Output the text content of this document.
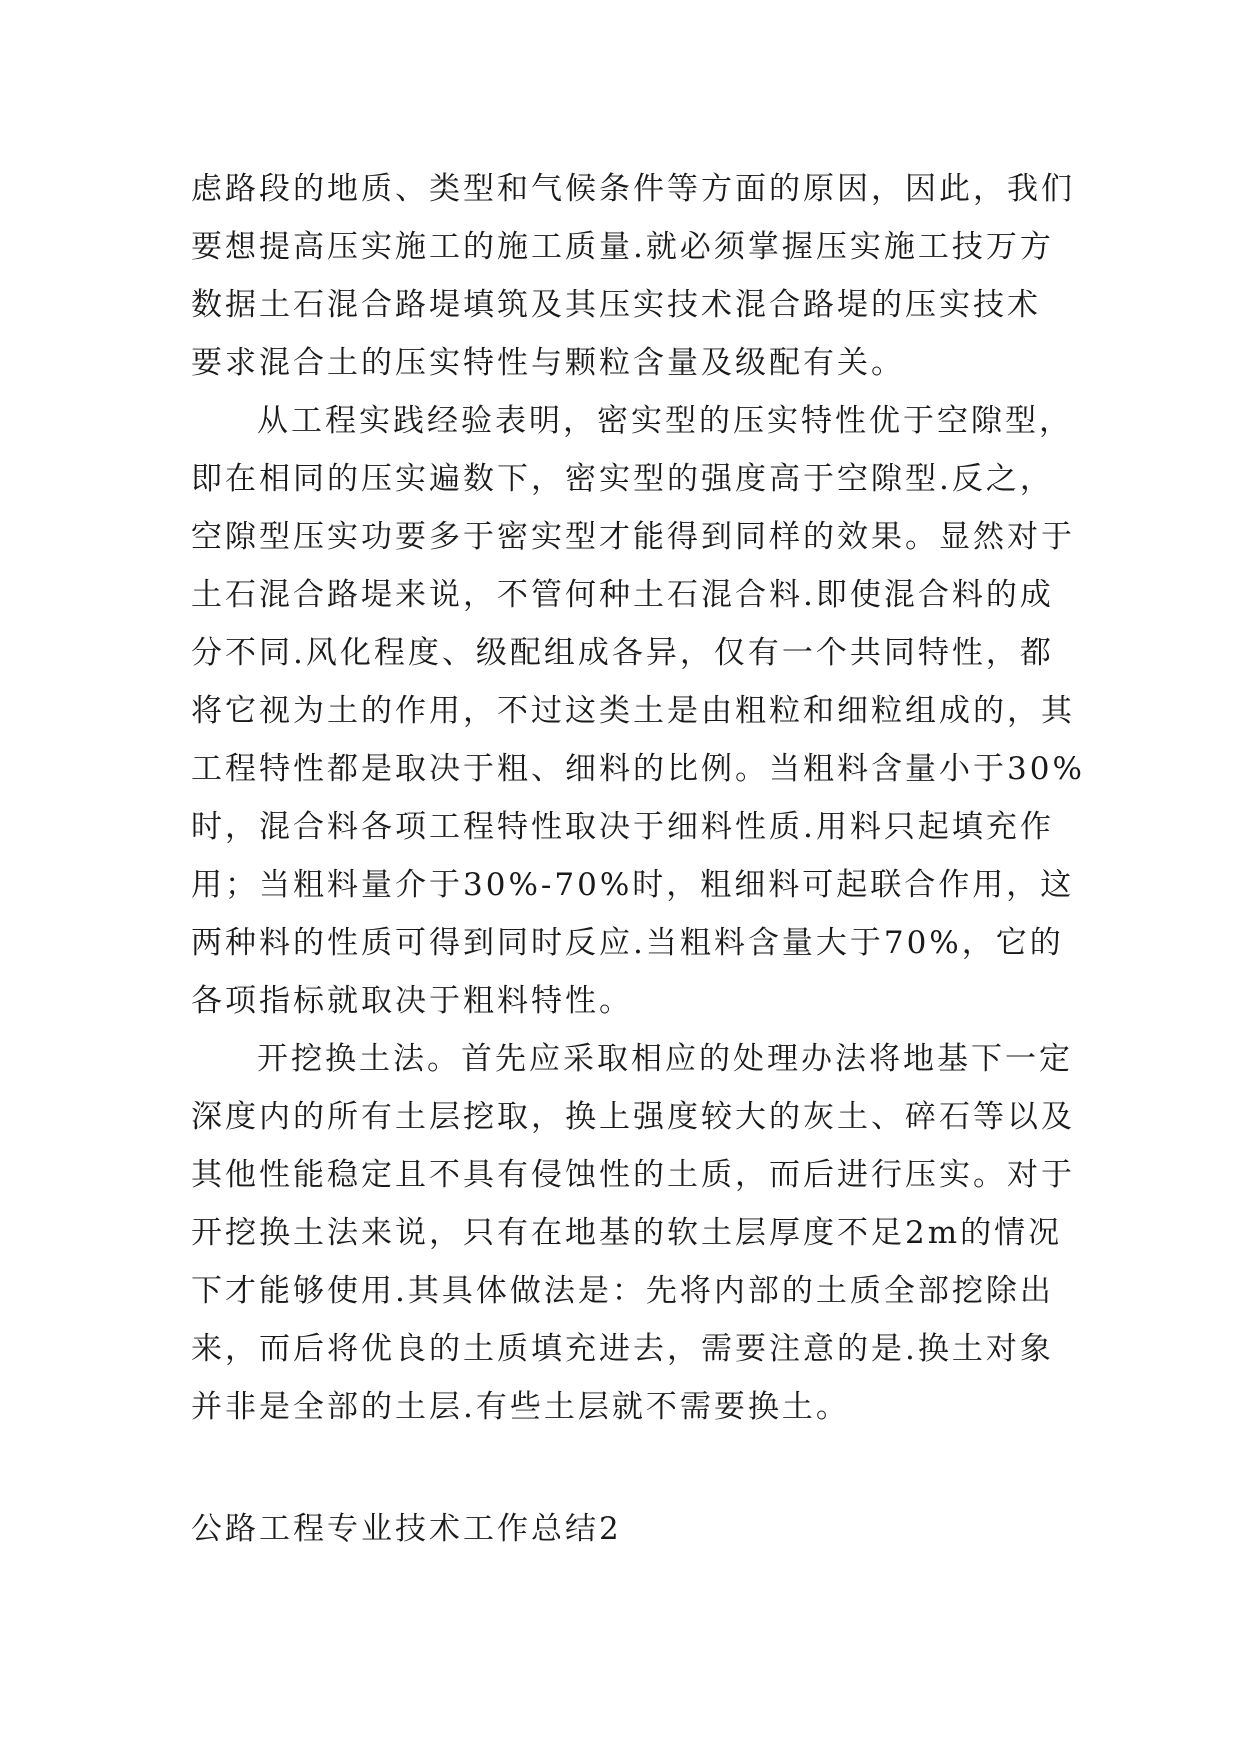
虑路段的地质、类型和气候条件等方面的原因，因此，我们
要想提高压实施工的施工质量.就必须掌握压实施工技万方
数据土石混合路堤填筑及其压实技术混合路堤的压实技术
要求混合土的压实特性与颗粒含量及级配有关。

从工程实践经验表明，密实型的压实特性优于空隙型，
即在相同的压实遍数下，密实型的强度高于空隙型.反之，
空隙型压实功要多于密实型才能得到同样的效果。显然对于
土石混合路堤来说，不管何种土石混合料.即使混合料的成
分不同.风化程度、级配组成各异，仅有一个共同特性，都
将它视为土的作用，不过这类土是由粗粒和细粒组成的，其
工程特性都是取决于粗、细料的比例。当粗料含量小于30%
时，混合料各项工程特性取决于细料性质.用料只起填充作
用；当粗料量介于30%-70%时，粗细料可起联合作用，这
两种料的性质可得到同时反应.当粗料含量大于70%，它的
各项指标就取决于粗料特性。

开挖换土法。首先应采取相应的处理办法将地基下一定
深度内的所有土层挖取，换上强度较大的灰土、碎石等以及
其他性能稳定且不具有侵蚀性的土质，而后进行压实。对于
开挖换土法来说，只有在地基的软土层厚度不足2m的情况
下才能够使用.其具体做法是：先将内部的土质全部挖除出
来，而后将优良的土质填充进去，需要注意的是.换土对象
并非是全部的土层.有些土层就不需要换土。

公路工程专业技术工作总结2
